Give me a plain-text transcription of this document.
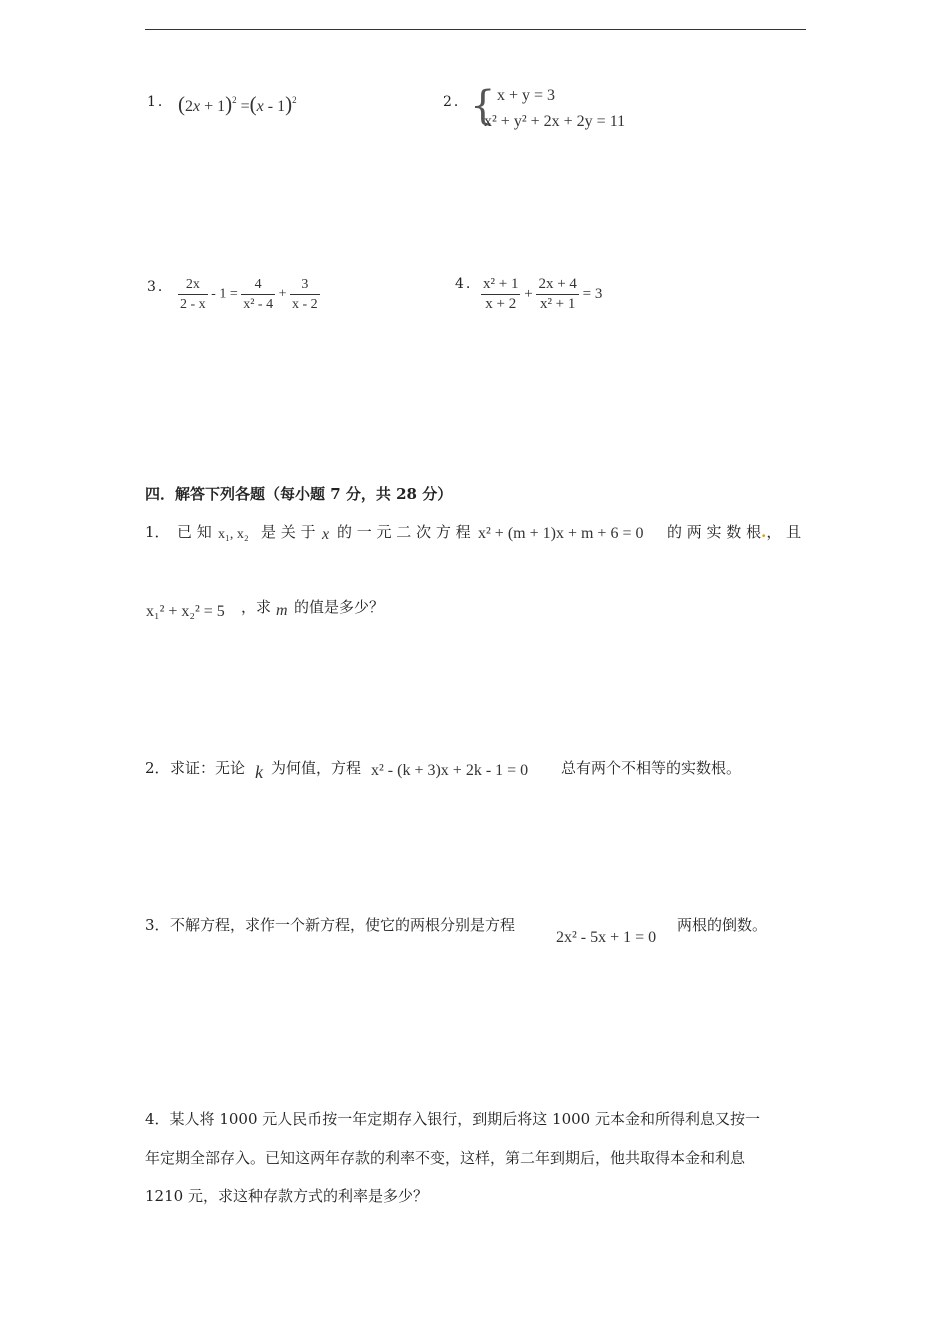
1． $(2x + 1)^2 =(x - 1)^2$	2． { x + y = 3
x² + y² + 2x + 2y = 11
3． $\frac{2x}{2 - x} - 1 = \frac{4}{\text{x² - 4}} + \frac{3}{x - 2}$	4. $\frac{\text{x² + 1}}{x + 2} + \frac{2x + 4}{\text{x² + 1}} = 3$
四．解答下列各题（每小题 7 分，共 28 分）
1． 已 知 x₁, x₂ 是 关 于 x 的 一 元 二 次 方 程 x² + (m + 1)x + m + 6 = 0 的 两 实 数 根.， 且
x₁² + x₂² = 5 ，求 m 的值是多少？
2． 求证：无论 k 为何值，方程 x² - (k + 3)x + 2k - 1 = 0 总有两个不相等的实数根。
3． 不解方程，求作一个新方程，使它的两根分别是方程
2x² - 5x + 1 = 0
两根的倒数。
4．某人将 1000 元人民币按一年定期存入银行，到期后将这 1000 元本金和所得利息又按一
年定期全部存入。已知这两年存款的利率不变，这样，第二年到期后，他共取得本金和利息
1210 元，求这种存款方式的利率是多少？
